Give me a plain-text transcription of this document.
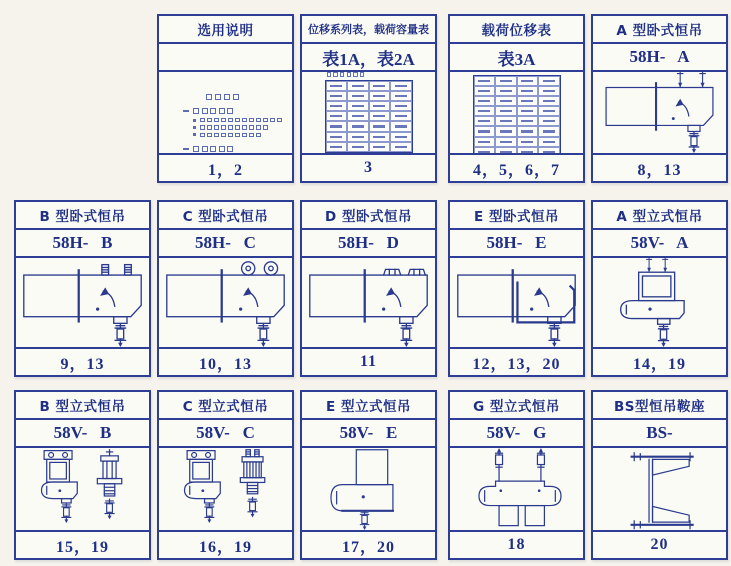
选用说明
1，2
位移系列表，载荷容量表
表1A，表2A
3
载荷位移表
表3A
4，5，6，7
A 型卧式恒吊
58H-   A
8，13
B 型卧式恒吊
58H-   B
9，13
C 型卧式恒吊
58H-   C
10，13
D 型卧式恒吊
58H-   D
11
E 型卧式恒吊
58H-   E
12，13，20
A 型立式恒吊
58V-   A
14，19
B 型立式恒吊
58V-   B
15，19
C 型立式恒吊
58V-   C
16，19
E 型立式恒吊
58V-   E
17，20
G 型立式恒吊
58V-   G
18
BS型恒吊鞍座
BS-
20
